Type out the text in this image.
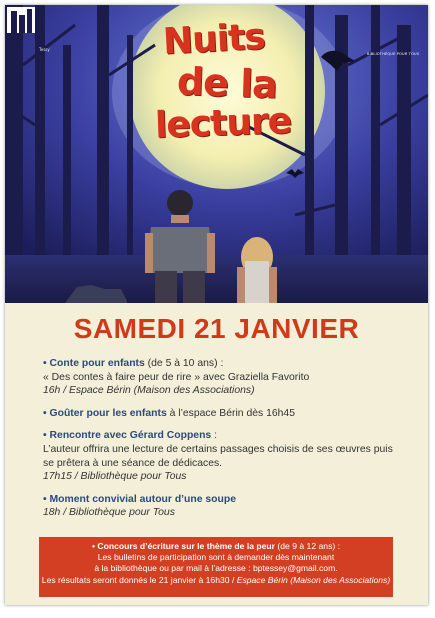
Tessy
BIBLIOTHÈQUE POUR TOUS
Nuits
de la
lecture
SAMEDI 21 JANVIER
• Conte pour enfants (de 5 à 10 ans) :
« Des contes à faire peur de rire » avec Graziella Favorito
16h / Espace Bérin (Maison des Associations)
• Goûter pour les enfants à l’espace Bérin dès 16h45
• Rencontre avec Gérard Coppens :
L’auteur offrira une lecture de certains passages choisis de ses œuvres puis se prêtera à une séance de dédicaces.
17h15 / Bibliothèque pour Tous
• Moment convivial autour d’une soupe
18h / Bibliothèque pour Tous
• Concours d’écriture sur le thème de la peur (de 9 à 12 ans) :
Les bulletins de participation sont à demander dès maintenant
à la bibliothèque ou par mail à l’adresse : bptessey@gmail.com.
Les résultats seront donnés le 21 janvier à 16h30 / Espace Bérin (Maison des Associations)
